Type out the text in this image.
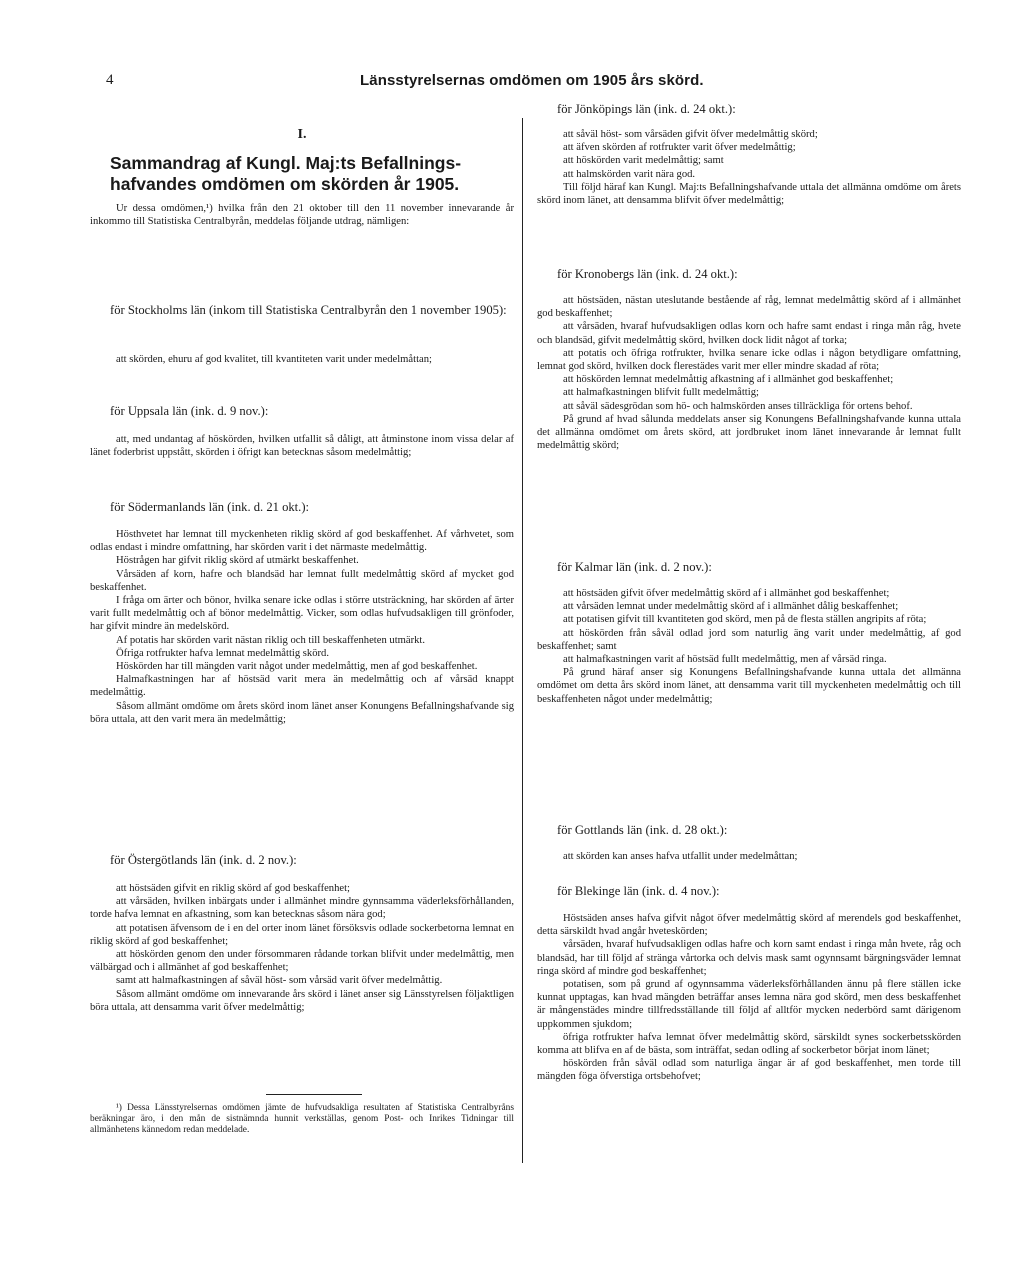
4	Länsstyrelsernas omdömen om 1905 års skörd.
I.

Sammandrag af Kungl. Maj:ts Befallnings-hafvandes omdömen om skörden år 1905.

Ur dessa omdömen,¹) hvilka från den 21 oktober till den 11 november innevarande år inkommo till Statistiska Centralbyrån, meddelas följande utdrag, nämligen:

för Stockholms län (inkom till Statistiska Centralbyrån den 1 november 1905):

att skörden, ehuru af god kvalitet, till kvantiteten varit under medelmåttan;

för Uppsala län (ink. d. 9 nov.):

att, med undantag af höskörden, hvilken utfallit så dåligt, att åtminstone inom vissa delar af länet foderbrist uppstått, skörden i öfrigt kan betecknas såsom medelmåttig;

för Södermanlands län (ink. d. 21 okt.):

Hösthvetet har lemnat till myckenheten riklig skörd af god beskaffenhet. Af vårhvetet, som odlas endast i mindre omfattning, har skörden varit i det närmaste medelmåttig.

Höstrågen har gifvit riklig skörd af utmärkt beskaffenhet.

Vårsäden af korn, hafre och blandsäd har lemnat fullt medelmåttig skörd af mycket god beskaffenhet.

I fråga om ärter och bönor, hvilka senare icke odlas i större utsträckning, har skörden af ärter varit fullt medelmåttig och af bönor medelmåttig. Vicker, som odlas hufvudsakligen till grönfoder, har gifvit mindre än medelskörd.

Af potatis har skörden varit nästan riklig och till beskaffenheten utmärkt.

Öfriga rotfrukter hafva lemnat medelmåttig skörd.

Höskörden har till mängden varit något under medelmåttig, men af god beskaffenhet.

Halmafkastningen har af höstsäd varit mera än medelmåttig och af vårsäd knappt medelmåttig.

Såsom allmänt omdöme om årets skörd inom länet anser Konungens Befallningshafvande sig böra uttala, att den varit mera än medelmåttig;

för Östergötlands län (ink. d. 2 nov.):

att höstsäden gifvit en riklig skörd af god beskaffenhet;

att vårsäden, hvilken inbärgats under i allmänhet mindre gynnsamma väderleksförhållanden, torde hafva lemnat en afkastning, som kan betecknas såsom nära god;

att potatisen äfvensom de i en del orter inom länet försöksvis odlade sockerbetorna lemnat en riklig skörd af god beskaffenhet;

att höskörden genom den under försommaren rådande torkan blifvit under medelmåttig, men välbärgad och i allmänhet af god beskaffenhet;

samt att halmafkastningen af såväl höst- som vårsäd varit öfver medelmåttig.

Såsom allmänt omdöme om innevarande års skörd i länet anser sig Länsstyrelsen följaktligen böra uttala, att densamma varit öfver medelmåttig;

¹) Dessa Länsstyrelsernas omdömen jämte de hufvudsakliga resultaten af Statistiska Centralbyråns beräkningar äro, i den mån de sistnämnda hunnit verkställas, genom Post- och Inrikes Tidningar till allmänhetens kännedom redan meddelade.

för Jönköpings län (ink. d. 24 okt.):

att såväl höst- som vårsäden gifvit öfver medelmåttig skörd;

att äfven skörden af rotfrukter varit öfver medelmåttig;

att höskörden varit medelmåttig; samt

att halmskörden varit nära god.

Till följd häraf kan Kungl. Maj:ts Befallningshafvande uttala det allmänna omdöme om årets skörd inom länet, att densamma blifvit öfver medelmåttig;

för Kronobergs län (ink. d. 24 okt.):

att höstsäden, nästan uteslutande bestående af råg, lemnat medelmåttig skörd af i allmänhet god beskaffenhet;

att vårsäden, hvaraf hufvudsakligen odlas korn och hafre samt endast i ringa mån råg, hvete och blandsäd, gifvit medelmåttig skörd, hvilken dock lidit något af torka;

att potatis och öfriga rotfrukter, hvilka senare icke odlas i någon betydligare omfattning, lemnat god skörd, hvilken dock flerestädes varit mer eller mindre skadad af röta;

att höskörden lemnat medelmåttig afkastning af i allmänhet god beskaffenhet;

att halmafkastningen blifvit fullt medelmåttig;

att såväl sädesgrödan som hö- och halmskörden anses tillräckliga för ortens behof.

På grund af hvad sålunda meddelats anser sig Konungens Befallningshafvande kunna uttala det allmänna omdömet om årets skörd, att jordbruket inom länet innevarande år lemnat fullt medelmåttig skörd;

för Kalmar län (ink. d. 2 nov.):

att höstsäden gifvit öfver medelmåttig skörd af i allmänhet god beskaffenhet;

att vårsäden lemnat under medelmåttig skörd af i allmänhet dålig beskaffenhet;

att potatisen gifvit till kvantiteten god skörd, men på de flesta ställen angripits af röta;

att höskörden från såväl odlad jord som naturlig äng varit under medelmåttig, af god beskaffenhet; samt

att halmafkastningen varit af höstsäd fullt medelmåttig, men af vårsäd ringa.

På grund häraf anser sig Konungens Befallningshafvande kunna uttala det allmänna omdömet om detta års skörd inom länet, att densamma varit till myckenheten medelmåttig och till beskaffenheten något under medelmåttig;

för Gottlands län (ink. d. 28 okt.):

att skörden kan anses hafva utfallit under medelmåttan;

för Blekinge län (ink. d. 4 nov.):

Höstsäden anses hafva gifvit något öfver medelmåttig skörd af merendels god beskaffenhet, detta särskildt hvad angår hveteskörden;

vårsäden, hvaraf hufvudsakligen odlas hafre och korn samt endast i ringa mån hvete, råg och blandsäd, har till följd af stränga vårtorka och delvis mask samt ogynnsamt bärgningsväder lemnat ringa skörd af mindre god beskaffenhet;

potatisen, som på grund af ogynnsamma väderleksförhållanden ännu på flere ställen icke kunnat upptagas, kan hvad mängden beträffar anses lemna nära god skörd, men dess beskaffenhet är mångenstädes mindre tillfredsställande till följd af alltför mycken nederbörd samt därigenom uppkommen sjukdom;

öfriga rotfrukter hafva lemnat öfver medelmåttig skörd, särskildt synes sockerbetsskörden komma att blifva en af de bästa, som inträffat, sedan odling af sockerbetor börjat inom länet;

höskörden från såväl odlad som naturliga ängar är af god beskaffenhet, men torde till mängden föga öfverstiga ortsbehofvet;
